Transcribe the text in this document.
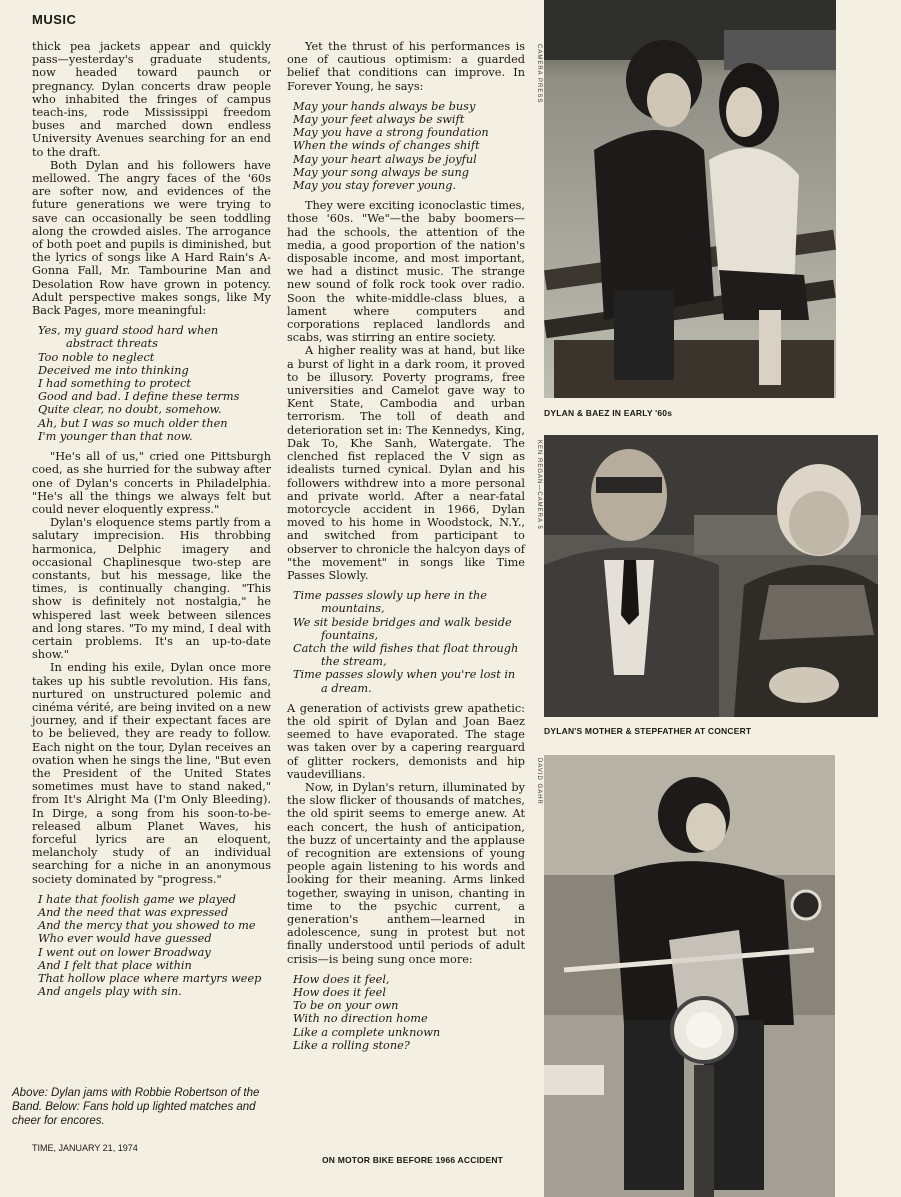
MUSIC

thick pea jackets appear and quickly pass—yesterday's graduate students, now headed toward paunch or pregnancy. Dylan concerts draw people who inhabited the fringes of campus teach-ins, rode Mississippi freedom buses and marched down endless University Avenues searching for an end to the draft.

Both Dylan and his followers have mellowed. The angry faces of the '60s are softer now, and evidences of the future generations we were trying to save can occasionally be seen toddling along the crowded aisles. The arrogance of both poet and pupils is diminished, but the lyrics of songs like A Hard Rain's A-Gonna Fall, Mr. Tambourine Man and Desolation Row have grown in potency. Adult perspective makes songs, like My Back Pages, more meaningful:

Yes, my guard stood hard when
abstract threats
Too noble to neglect
Deceived me into thinking
I had something to protect
Good and bad. I define these terms
Quite clear, no doubt, somehow.
Ah, but I was so much older then
I'm younger than that now.

"He's all of us," cried one Pittsburgh coed, as she hurried for the subway after one of Dylan's concerts in Philadelphia. "He's all the things we always felt but could never eloquently express."

Dylan's eloquence stems partly from a salutary imprecision. His throbbing harmonica, Delphic imagery and occasional Chaplinesque two-step are constants, but his message, like the times, is continually changing. "This show is definitely not nostalgia," he whispered last week between silences and long stares. "To my mind, I deal with certain problems. It's an up-to-date show."

In ending his exile, Dylan once more takes up his subtle revolution. His fans, nurtured on unstructured polemic and cinéma vérité, are being invited on a new journey, and if their expectant faces are to be believed, they are ready to follow. Each night on the tour, Dylan receives an ovation when he sings the line, "But even the President of the United States sometimes must have to stand naked," from It's Alright Ma (I'm Only Bleeding). In Dirge, a song from his soon-to-be-released album Planet Waves, his forceful lyrics are an eloquent, melancholy study of an individual searching for a niche in an anonymous society dominated by "progress."

I hate that foolish game we played
And the need that was expressed
And the mercy that you showed to me
Who ever would have guessed
I went out on lower Broadway
And I felt that place within
That hollow place where martyrs weep
And angels play with sin.

Yet the thrust of his performances is one of cautious optimism: a guarded belief that conditions can improve. In Forever Young, he says:

May your hands always be busy
May your feet always be swift
May you have a strong foundation
When the winds of changes shift
May your heart always be joyful
May your song always be sung
May you stay forever young.

They were exciting iconoclastic times, those '60s. "We"—the baby boomers—had the schools, the attention of the media, a good proportion of the nation's disposable income, and most important, we had a distinct music. The strange new sound of folk rock took over radio. Soon the white-middle-class blues, a lament where computers and corporations replaced landlords and scabs, was stirring an entire society.

A higher reality was at hand, but like a burst of light in a dark room, it proved to be illusory. Poverty programs, free universities and Camelot gave way to Kent State, Cambodia and urban terrorism. The toll of death and deterioration set in: The Kennedys, King, Dak To, Khe Sanh, Watergate. The clenched fist replaced the V sign as idealists turned cynical. Dylan and his followers withdrew into a more personal and private world. After a near-fatal motorcycle accident in 1966, Dylan moved to his home in Woodstock, N.Y., and switched from participant to observer to chronicle the halcyon days of "the movement" in songs like Time Passes Slowly.

Time passes slowly up here in the
mountains,
We sit beside bridges and walk beside
fountains,
Catch the wild fishes that float through
the stream,
Time passes slowly when you're lost in
a dream.

A generation of activists grew apathetic: the old spirit of Dylan and Joan Baez seemed to have evaporated. The stage was taken over by a capering rearguard of glitter rockers, demonists and hip vaudevillians.

Now, in Dylan's return, illuminated by the slow flicker of thousands of matches, the old spirit seems to emerge anew. At each concert, the hush of anticipation, the buzz of uncertainty and the applause of recognition are extensions of young people again listening to his words and looking for their meaning. Arms linked together, swaying in unison, chanting in time to the psychic current, a generation's anthem—learned in adolescence, sung in protest but not finally understood until periods of adult crisis—is being sung once more:

How does it feel,
How does it feel
To be on your own
With no direction home
Like a complete unknown
Like a rolling stone?
CAMERA PRESS
DYLAN & BAEZ IN EARLY '60s
KEN REGAN—CAMERA 5
DYLAN'S MOTHER & STEPFATHER AT CONCERT
DAVID GAHR
ON MOTOR BIKE BEFORE 1966 ACCIDENT
Above: Dylan jams with Robbie Robertson of the Band. Below: Fans hold up lighted matches and cheer for encores.
TIME, JANUARY 21, 1974
